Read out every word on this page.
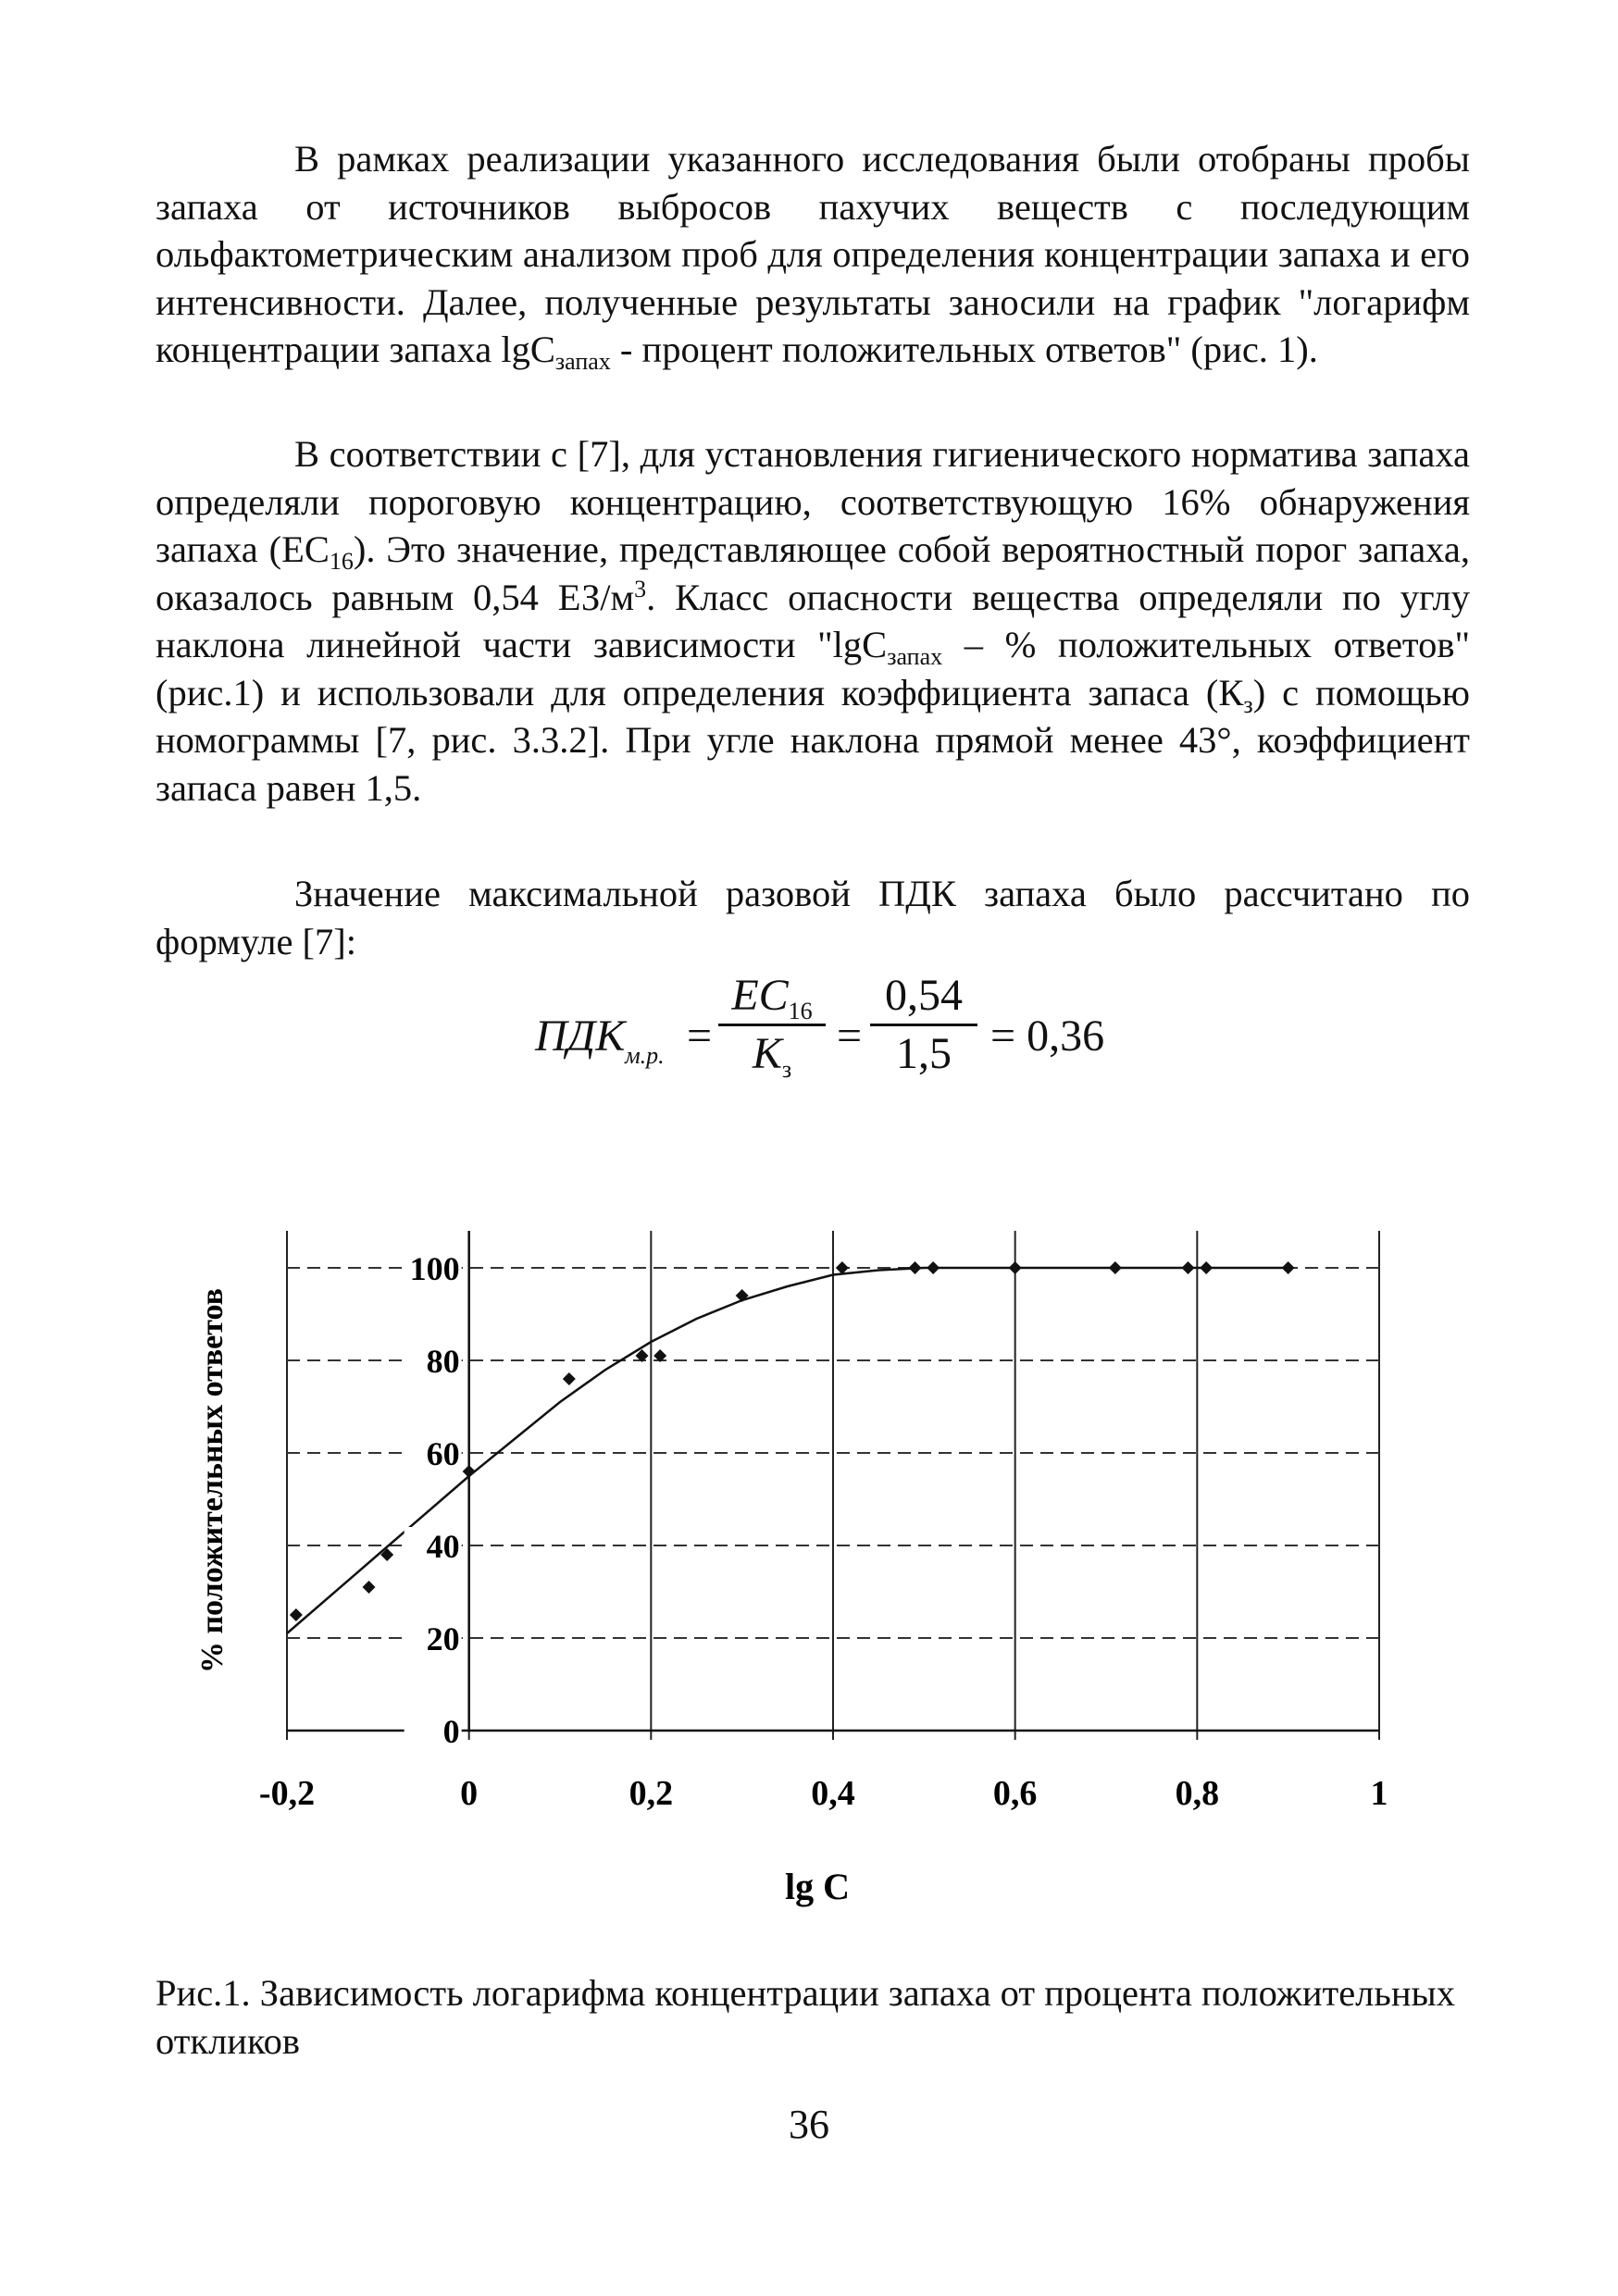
В рамках реализации указанного исследования были отобраны пробы запаха от источников выбросов пахучих веществ с последующим ольфактометрическим анализом проб для определения концентрации запаха и его интенсивности. Далее, полученные результаты заносили на график "логарифм концентрации запаха lgC$_{запах}$ - процент положительных ответов" (рис. 1).

В соответствии с [7], для установления гигиенического норматива запаха определяли пороговую концентрацию, соответствующую 16% обнаружения запаха $(EC_{16})$. Это значение, представляющее собой вероятностный порог запаха, оказалось равным 0,54 $ЕЗ/м^3$. Класс опасности вещества определяли по углу наклона линейной части зависимости "lgC$_{запах}$ – % положительных ответов" (рис.1) и использовали для определения коэффициента запаса $(К_з)$ с помощью номограммы [7, рис. 3.3.2]. При угле наклона прямой менее 43°, коэффициент запаса равен 1,5.

Значение максимальной разовой ПДК запаха было рассчитано по формуле [7]:

$ПДК_{м.р.}$ =
$EC_{16}$
$K_з$
=
0,54
1,5 = 0,36
0
20
40
60
80
100
-0,2	0	0,2	0,4	0,6	0,8	1
% положительных ответов
lg C
Рис.1. Зависимость логарифма концентрации запаха от процента положительных откликов
36
